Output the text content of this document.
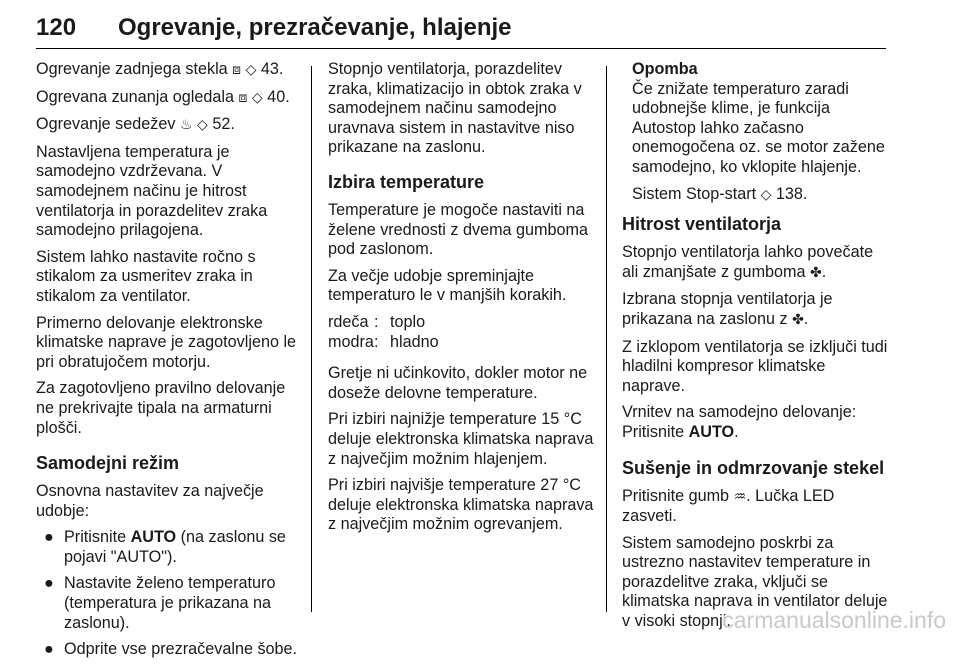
120 Ogrevanje, prezračevanje, hlajenje

Ogrevanje zadnjega stekla ⧈ ◇ 43.

Ogrevana zunanja ogledala ⧈ ◇ 40.

Ogrevanje sedežev ♨ ◇ 52.

Nastavljena temperatura je samodejno vzdrževana. V samodejnem načinu je hitrost ventilatorja in porazdelitev zraka samodejno prilagojena.

Sistem lahko nastavite ročno s stikalom za usmeritev zraka in stikalom za ventilator.

Primerno delovanje elektronske klimatske naprave je zagotovljeno le pri obratujočem motorju.

Za zagotovljeno pravilno delovanje ne prekrivajte tipala na armaturni plošči.

Samodejni režim

Osnovna nastavitev za največje udobje:

● Pritisnite AUTO (na zaslonu se pojavi "AUTO").
● Nastavite želeno temperaturo (temperatura je prikazana na zaslonu).
● Odprite vse prezračevalne šobe.

Stopnjo ventilatorja, porazdelitev zraka, klimatizacijo in obtok zraka v samodejnem načinu samodejno uravnava sistem in nastavitve niso prikazane na zaslonu.

Izbira temperature

Temperature je mogoče nastaviti na želene vrednosti z dvema gumboma pod zaslonom.

Za večje udobje spreminjajte temperaturo le v manjših korakih.

rdeča	:	toplo
modra	:	hladno

Gretje ni učinkovito, dokler motor ne doseže delovne temperature.

Pri izbiri najnižje temperature 15 °C deluje elektronska klimatska naprava z največjim možnim hlajenjem.

Pri izbiri najvišje temperature 27 °C deluje elektronska klimatska naprava z največjim možnim ogrevanjem.

Opomba

Če znižate temperaturo zaradi udobnejše klime, je funkcija Autostop lahko začasno onemogočena oz. se motor zažene samodejno, ko vklopite hlajenje.

Sistem Stop-start ◇ 138.

Hitrost ventilatorja

Stopnjo ventilatorja lahko povečate ali zmanjšate z gumboma ✤.

Izbrana stopnja ventilatorja je prikazana na zaslonu z ✤.

Z izklopom ventilatorja se izključi tudi hladilni kompresor klimatske naprave.

Vrnitev na samodejno delovanje: Pritisnite AUTO.

Sušenje in odmrzovanje stekel

Pritisnite gumb ♒. Lučka LED zasveti.

Sistem samodejno poskrbi za ustrezno nastavitev temperature in porazdelitve zraka, vključi se klimatska naprava in ventilator deluje v visoki stopnji.

carmanualsonline.info
